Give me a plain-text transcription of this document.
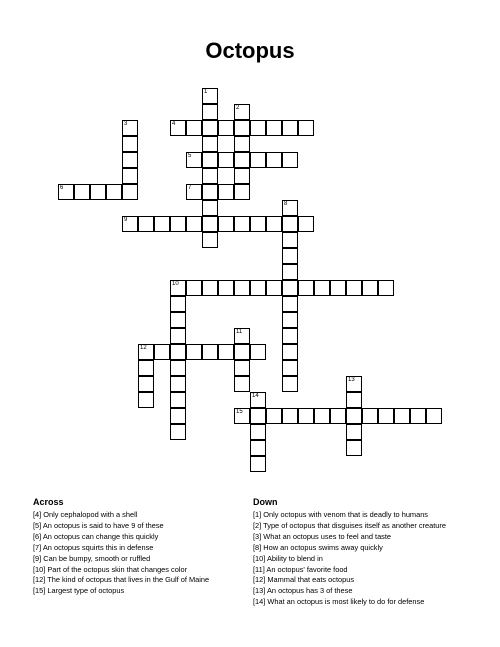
Octopus
1
2
3	4
5
6	7
8
9
10
11
12
13
14
15
Across
[4] Only cephalopod with a shell
[5] An octopus is said to have 9 of these
[6] An octopus can change this quickly
[7] An octopus squirts this in defense
[9] Can be bumpy, smooth or ruffled
[10] Part of the octopus skin that changes color
[12] The kind of octopus that lives in the Gulf of Maine
[15] Largest type of octopus
Down
[1] Only octopus with venom that is deadly to humans
[2] Type of octopus that disguises itself as another creature
[3] What an octopus uses to feel and taste
[8] How an octopus swims away quickly
[10] Ability to blend in
[11] An octopus' favorite food
[12] Mammal that eats octopus
[13] An octopus has 3 of these
[14] What an octopus is most likely to do for defense
